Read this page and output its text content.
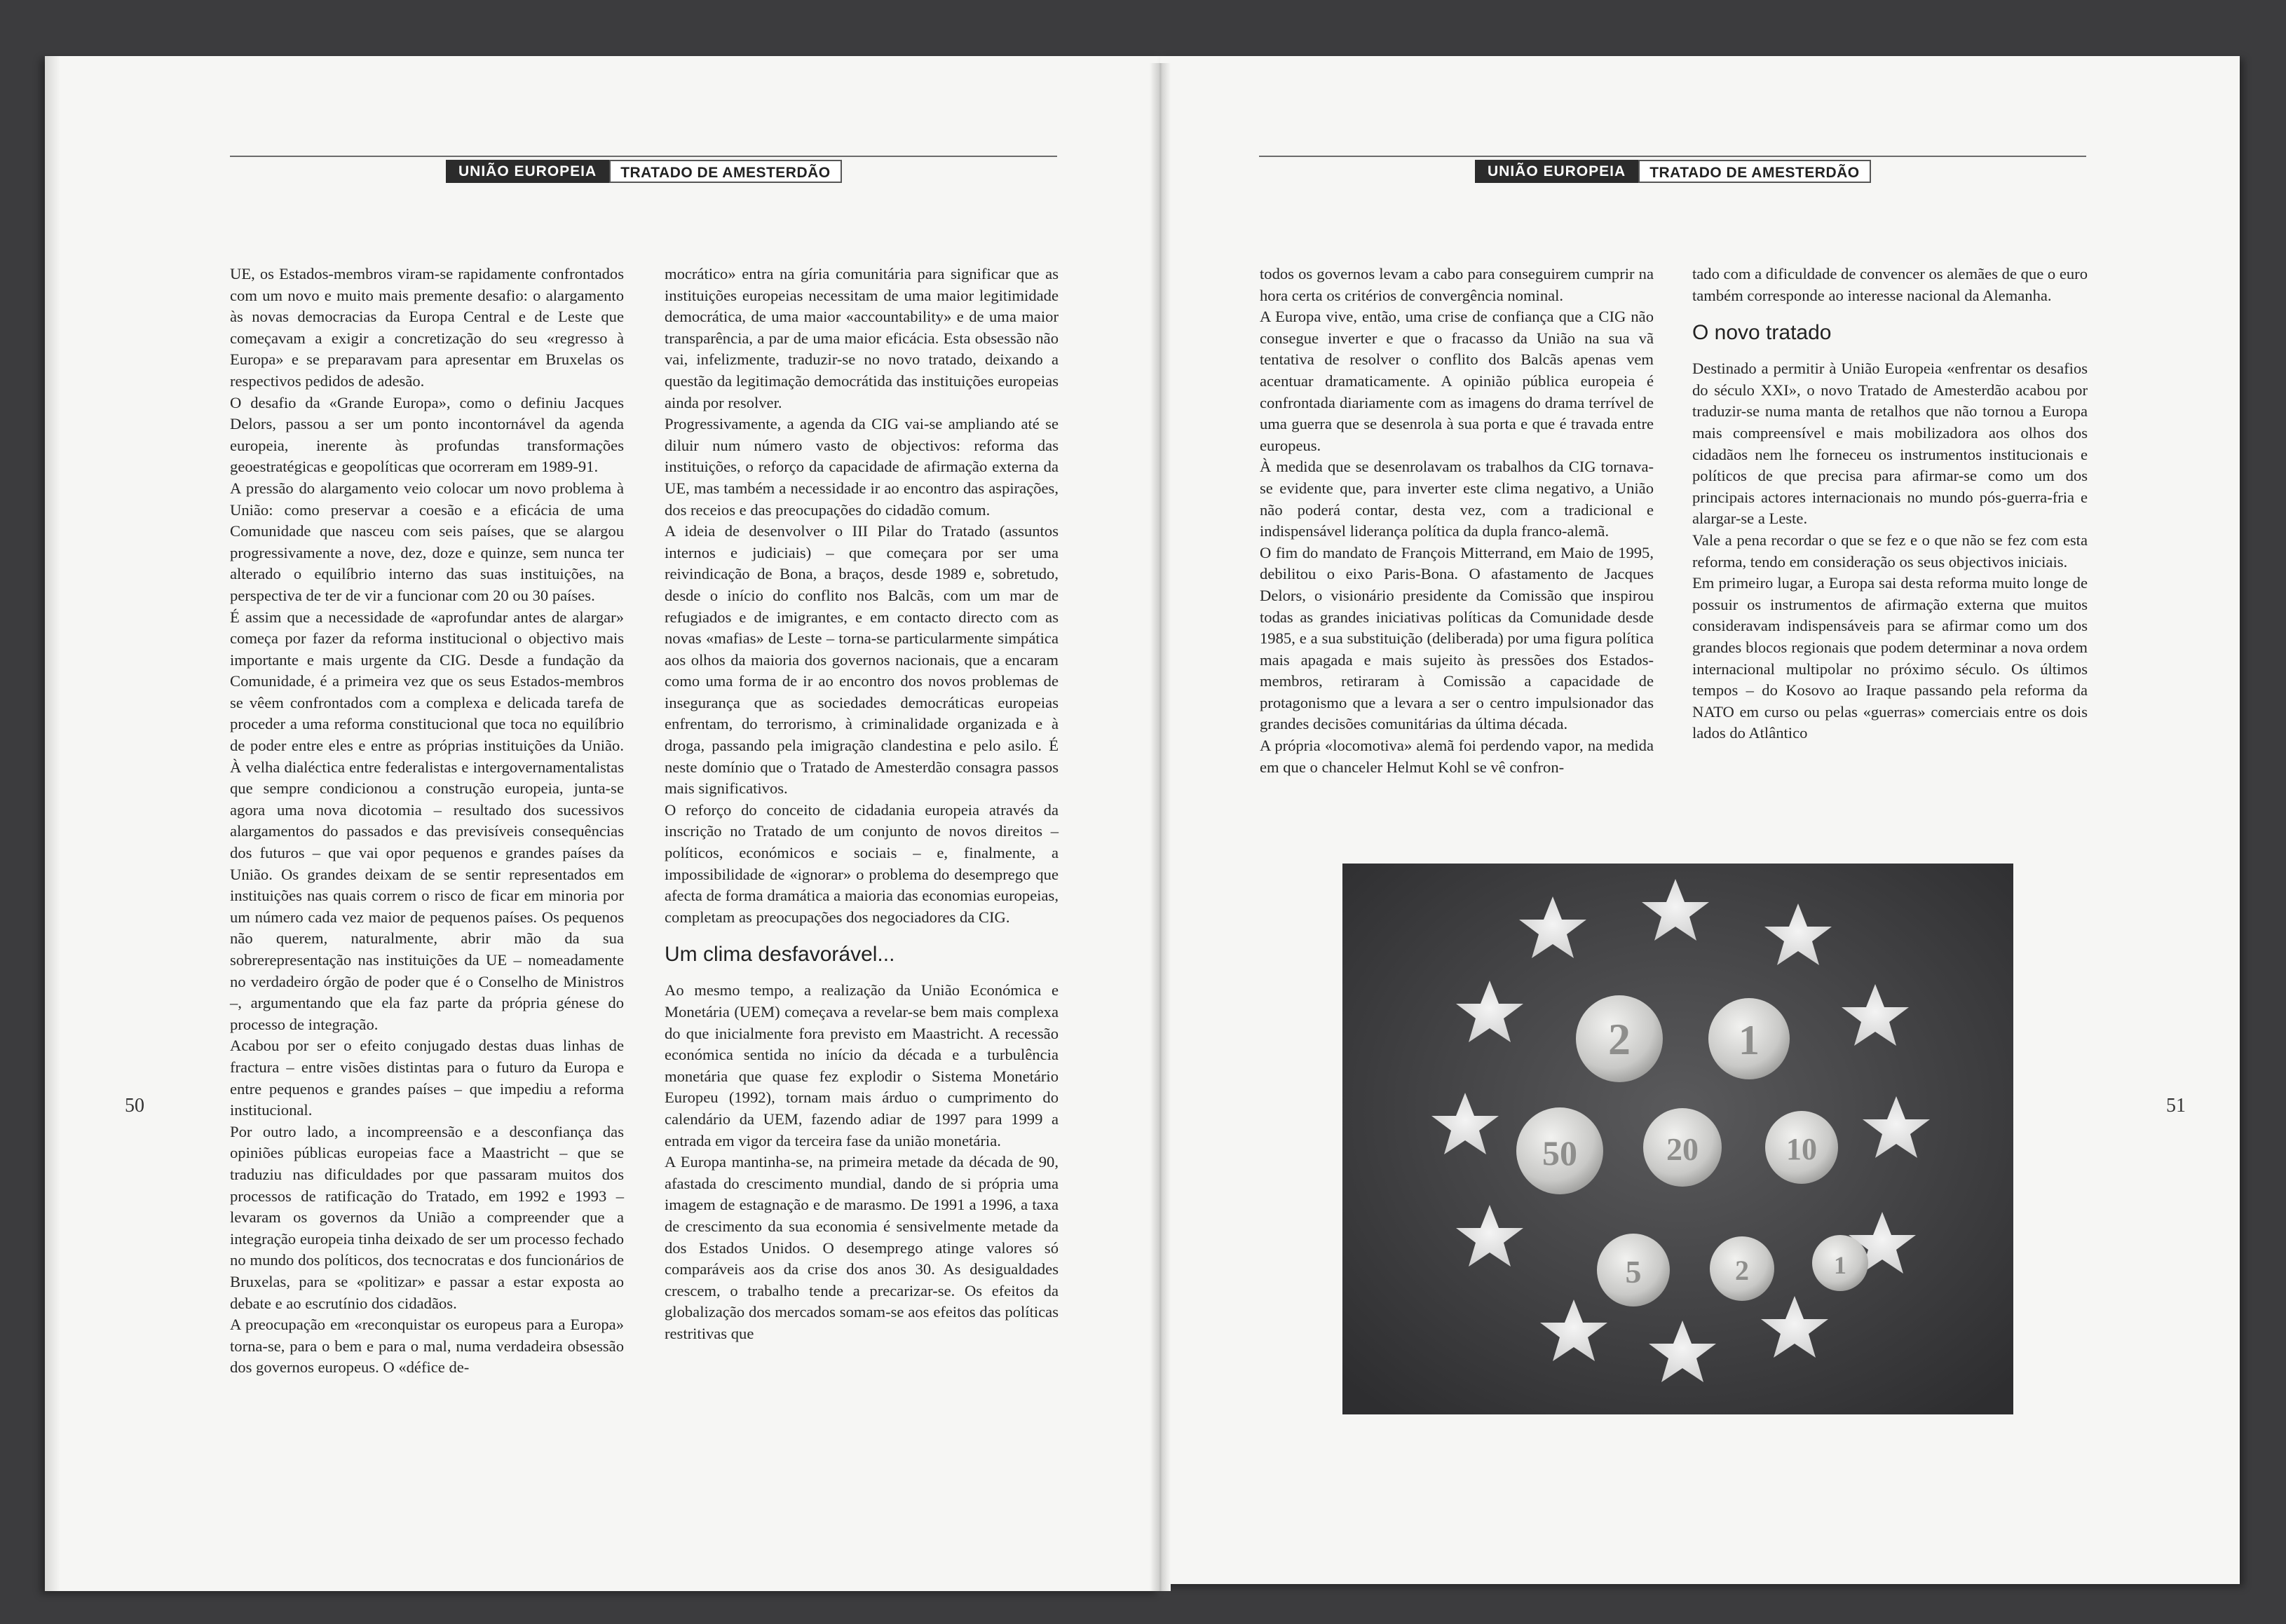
UNIÃO EUROPEIA	TRATADO DE AMESTERDÃO	UNIÃO EUROPEIA	TRATADO DE AMESTERDÃO

UE, os Estados-membros viram-se rapidamente confrontados com um novo e muito mais premente desafio: o alargamento às novas democracias da Europa Central e de Leste que começavam a exigir a concretização do seu «regresso à Europa» e se preparavam para apresentar em Bruxelas os respectivos pedidos de adesão.

O desafio da «Grande Europa», como o definiu Jacques Delors, passou a ser um ponto incontornável da agenda europeia, inerente às profundas transformações geoestratégicas e geopolíticas que ocorreram em 1989-91.

A pressão do alargamento veio colocar um novo problema à União: como preservar a coesão e a eficácia de uma Comunidade que nasceu com seis países, que se alargou progressivamente a nove, dez, doze e quinze, sem nunca ter alterado o equilíbrio interno das suas instituições, na perspectiva de ter de vir a funcionar com 20 ou 30 países.

É assim que a necessidade de «aprofundar antes de alargar» começa por fazer da reforma institucional o objectivo mais importante e mais urgente da CIG. Desde a fundação da Comunidade, é a primeira vez que os seus Estados-membros se vêem confrontados com a complexa e delicada tarefa de proceder a uma reforma constitucional que toca no equilíbrio de poder entre eles e entre as próprias instituições da União. À velha dialéctica entre federalistas e intergovernamentalistas que sempre condicionou a construção europeia, junta-se agora uma nova dicotomia – resultado dos sucessivos alargamentos do passados e das previsíveis consequências dos futuros – que vai opor pequenos e grandes países da União. Os grandes deixam de se sentir representados em instituições nas quais correm o risco de ficar em minoria por um número cada vez maior de pequenos países. Os pequenos não querem, naturalmente, abrir mão da sua sobrerepresentação nas instituições da UE – nomeadamente no verdadeiro órgão de poder que é o Conselho de Ministros –, argumentando que ela faz parte da própria génese do processo de integração.

Acabou por ser o efeito conjugado destas duas linhas de fractura – entre visões distintas para o futuro da Europa e entre pequenos e grandes países – que impediu a reforma institucional.

Por outro lado, a incompreensão e a desconfiança das opiniões públicas europeias face a Maastricht – que se traduziu nas dificuldades por que passaram muitos dos processos de ratificação do Tratado, em 1992 e 1993 – levaram os governos da União a compreender que a integração europeia tinha deixado de ser um processo fechado no mundo dos políticos, dos tecnocratas e dos funcionários de Bruxelas, para se «politizar» e passar a estar exposta ao debate e ao escrutínio dos cidadãos.

A preocupação em «reconquistar os europeus para a Europa» torna-se, para o bem e para o mal, numa verdadeira obsessão dos governos europeus. O «défice de-

mocrático» entra na gíria comunitária para significar que as instituições europeias necessitam de uma maior legitimidade democrática, de uma maior «accountability» e de uma maior transparência, a par de uma maior eficácia. Esta obsessão não vai, infelizmente, traduzir-se no novo tratado, deixando a questão da legitimação democrátida das instituições europeias ainda por resolver.

Progressivamente, a agenda da CIG vai-se ampliando até se diluir num número vasto de objectivos: reforma das instituições, o reforço da capacidade de afirmação externa da UE, mas também a necessidade ir ao encontro das aspirações, dos receios e das preocupações do cidadão comum.

A ideia de desenvolver o III Pilar do Tratado (assuntos internos e judiciais) – que começara por ser uma reivindicação de Bona, a braços, desde 1989 e, sobretudo, desde o início do conflito nos Balcãs, com um mar de refugiados e de imigrantes, e em contacto directo com as novas «mafias» de Leste – torna-se particularmente simpática aos olhos da maioria dos governos nacionais, que a encaram como uma forma de ir ao encontro dos novos problemas de insegurança que as sociedades democráticas europeias enfrentam, do terrorismo, à criminalidade organizada e à droga, passando pela imigração clandestina e pelo asilo. É neste domínio que o Tratado de Amesterdão consagra passos mais significativos.

O reforço do conceito de cidadania europeia através da inscrição no Tratado de um conjunto de novos direitos – políticos, económicos e sociais – e, finalmente, a impossibilidade de «ignorar» o problema do desemprego que afecta de forma dramática a maioria das economias europeias, completam as preocupações dos negociadores da CIG.

Um clima desfavorável...

Ao mesmo tempo, a realização da União Económica e Monetária (UEM) começava a revelar-se bem mais complexa do que inicialmente fora previsto em Maastricht. A recessão económica sentida no início da década e a turbulência monetária que quase fez explodir o Sistema Monetário Europeu (1992), tornam mais árduo o cumprimento do calendário da UEM, fazendo adiar de 1997 para 1999 a entrada em vigor da terceira fase da união monetária.

A Europa mantinha-se, na primeira metade da década de 90, afastada do crescimento mundial, dando de si própria uma imagem de estagnação e de marasmo. De 1991 a 1996, a taxa de crescimento da sua economia é sensivelmente metade da dos Estados Unidos. O desemprego atinge valores só comparáveis aos da crise dos anos 30. As desigualdades crescem, o trabalho tende a precarizar-se. Os efeitos da globalização dos mercados somam-se aos efeitos das políticas restritivas que

50

todos os governos levam a cabo para conseguirem cumprir na hora certa os critérios de convergência nominal.

A Europa vive, então, uma crise de confiança que a CIG não consegue inverter e que o fracasso da União na sua vã tentativa de resolver o conflito dos Balcãs apenas vem acentuar dramaticamente. A opinião pública europeia é confrontada diariamente com as imagens do drama terrível de uma guerra que se desenrola à sua porta e que é travada entre europeus.

À medida que se desenrolavam os trabalhos da CIG tornava-se evidente que, para inverter este clima negativo, a União não poderá contar, desta vez, com a tradicional e indispensável liderança política da dupla franco-alemã.

O fim do mandato de François Mitterrand, em Maio de 1995, debilitou o eixo Paris-Bona. O afastamento de Jacques Delors, o visionário presidente da Comissão que inspirou todas as grandes iniciativas políticas da Comunidade desde 1985, e a sua substituição (deliberada) por uma figura política mais apagada e mais sujeito às pressões dos Estados-membros, retiraram à Comissão a capacidade de protagonismo que a levara a ser o centro impulsionador das grandes decisões comunitárias da última década.

A própria «locomotiva» alemã foi perdendo vapor, na medida em que o chanceler Helmut Kohl se vê confron-

tado com a dificuldade de convencer os alemães de que o euro também corresponde ao interesse nacional da Alemanha.

O novo tratado

Destinado a permitir à União Europeia «enfrentar os desafios do século XXI», o novo Tratado de Amesterdão acabou por traduzir-se numa manta de retalhos que não tornou a Europa mais compreensível e mais mobilizadora aos olhos dos cidadãos nem lhe forneceu os instrumentos institucionais e políticos de que precisa para afirmar-se como um dos principais actores internacionais no mundo pós-guerra-fria e alargar-se a Leste.

Vale a pena recordar o que se fez e o que não se fez com esta reforma, tendo em consideração os seus objectivos iniciais.

Em primeiro lugar, a Europa sai desta reforma muito longe de possuir os instrumentos de afirmação externa que muitos consideravam indispensáveis para se afirmar como um dos grandes blocos regionais que podem determinar a nova ordem internacional multipolar no próximo século. Os últimos tempos – do Kosovo ao Iraque passando pela reforma da NATO em curso ou pelas «guerras» comerciais entre os dois lados do Atlântico

51
2	1
50	20	10
5	2	1
